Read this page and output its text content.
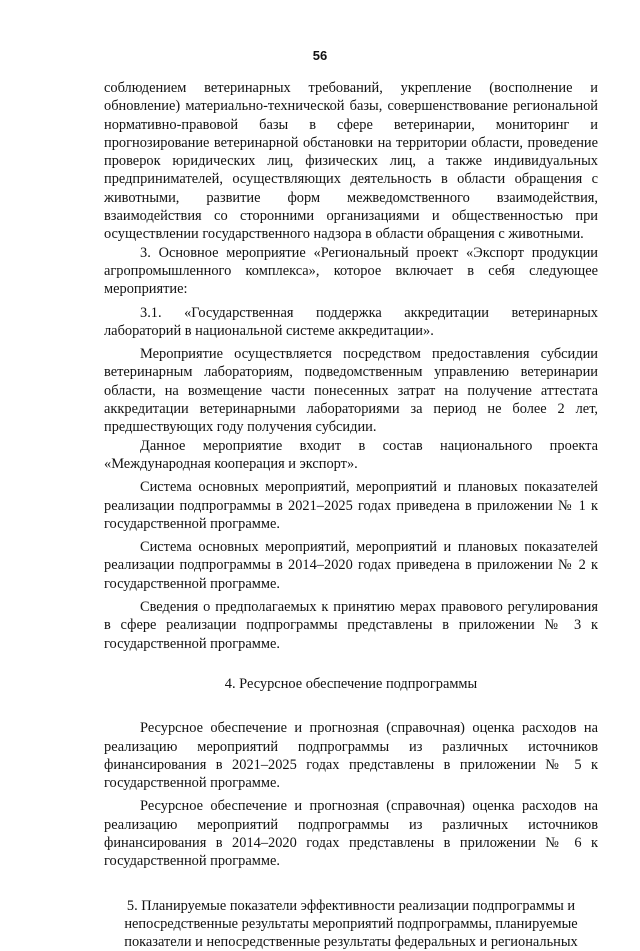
56

соблюдением ветеринарных требований, укрепление (восполнение и обновление) материально-технической базы, совершенствование региональной нормативно-правовой базы в сфере ветеринарии, мониторинг и прогнозирование ветеринарной обстановки на территории области, проведение проверок юридических лиц, физических лиц, а также индивидуальных предпринимателей, осуществляющих деятельность в области обращения с животными, развитие форм межведомственного взаимодействия, взаимодействия со сторонними организациями и общественностью при осуществлении государственного надзора в области обращения с животными.

3. Основное мероприятие «Региональный проект «Экспорт продукции агропромышленного комплекса», которое включает в себя следующее мероприятие:

3.1. «Государственная поддержка аккредитации ветеринарных лабораторий в национальной системе аккредитации».

Мероприятие осуществляется посредством предоставления субсидии ветеринарным лабораториям, подведомственным управлению ветеринарии области, на возмещение части понесенных затрат на получение аттестата аккредитации ветеринарными лабораториями за период не более 2 лет, предшествующих году получения субсидии.

Данное мероприятие входит в состав национального проекта «Международная кооперация и экспорт».

Система основных мероприятий, мероприятий и плановых показателей реализации подпрограммы в 2021–2025 годах приведена в приложении № 1 к государственной программе.

Система основных мероприятий, мероприятий и плановых показателей реализации подпрограммы в 2014–2020 годах приведена в приложении № 2 к государственной программе.

Сведения о предполагаемых к принятию мерах правового регулирования в сфере реализации подпрограммы представлены в приложении № 3 к государственной программе.

4. Ресурсное обеспечение подпрограммы

Ресурсное обеспечение и прогнозная (справочная) оценка расходов на реализацию мероприятий подпрограммы из различных источников финансирования в 2021–2025 годах представлены в приложении № 5 к государственной программе.

Ресурсное обеспечение и прогнозная (справочная) оценка расходов на реализацию мероприятий подпрограммы из различных источников финансирования в 2014–2020 годах представлены в приложении № 6 к государственной программе.

5. Планируемые показатели эффективности реализации подпрограммы и непосредственные результаты мероприятий подпрограммы, планируемые показатели и непосредственные результаты федеральных и региональных
